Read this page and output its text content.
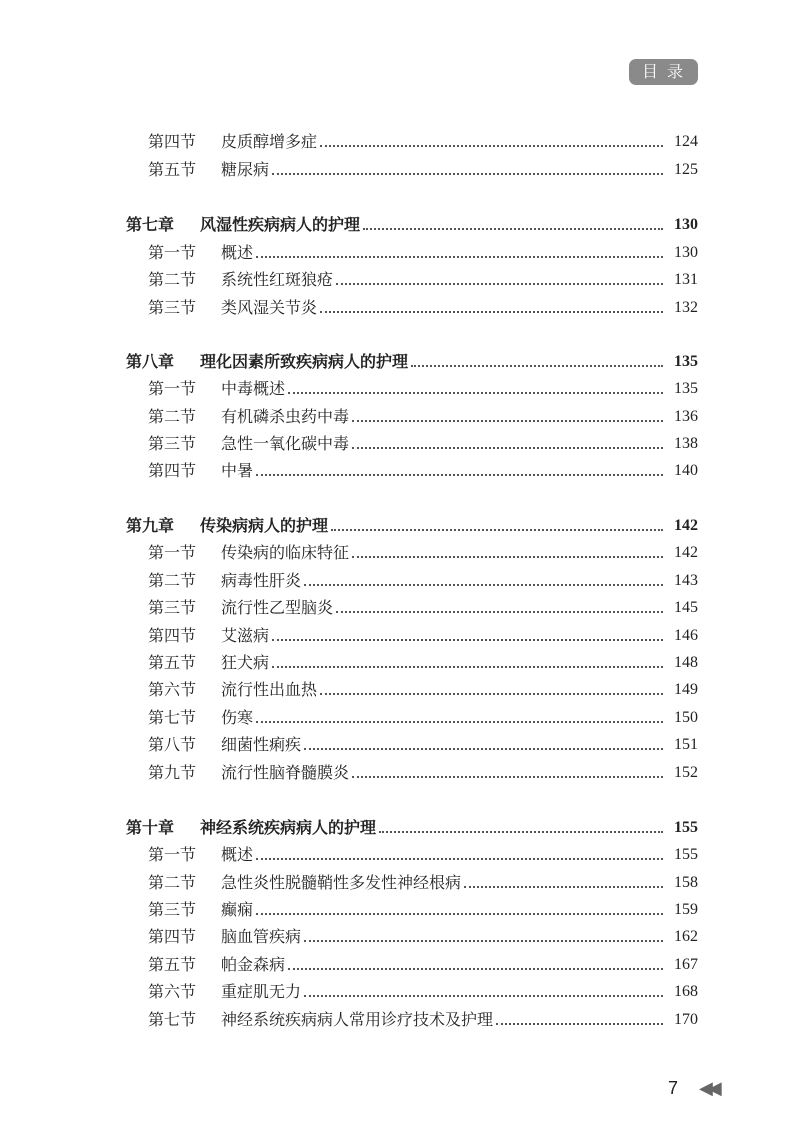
目 录
第四节 皮质醇增多症	124
第五节 糖尿病	125
第七章 风湿性疾病病人的护理	130
第一节 概述	130
第二节 系统性红斑狼疮	131
第三节 类风湿关节炎	132
第八章 理化因素所致疾病病人的护理	135
第一节 中毒概述	135
第二节 有机磷杀虫药中毒	136
第三节 急性一氧化碳中毒	138
第四节 中暑	140
第九章 传染病病人的护理	142
第一节 传染病的临床特征	142
第二节 病毒性肝炎	143
第三节 流行性乙型脑炎	145
第四节 艾滋病	146
第五节 狂犬病	148
第六节 流行性出血热	149
第七节 伤寒	150
第八节 细菌性痢疾	151
第九节 流行性脑脊髓膜炎	152
第十章 神经系统疾病病人的护理	155
第一节 概述	155
第二节 急性炎性脱髓鞘性多发性神经根病	158
第三节 癫痫	159
第四节 脑血管疾病	162
第五节 帕金森病	167
第六节 重症肌无力	168
第七节 神经系统疾病病人常用诊疗技术及护理	170
7 ◀◀
